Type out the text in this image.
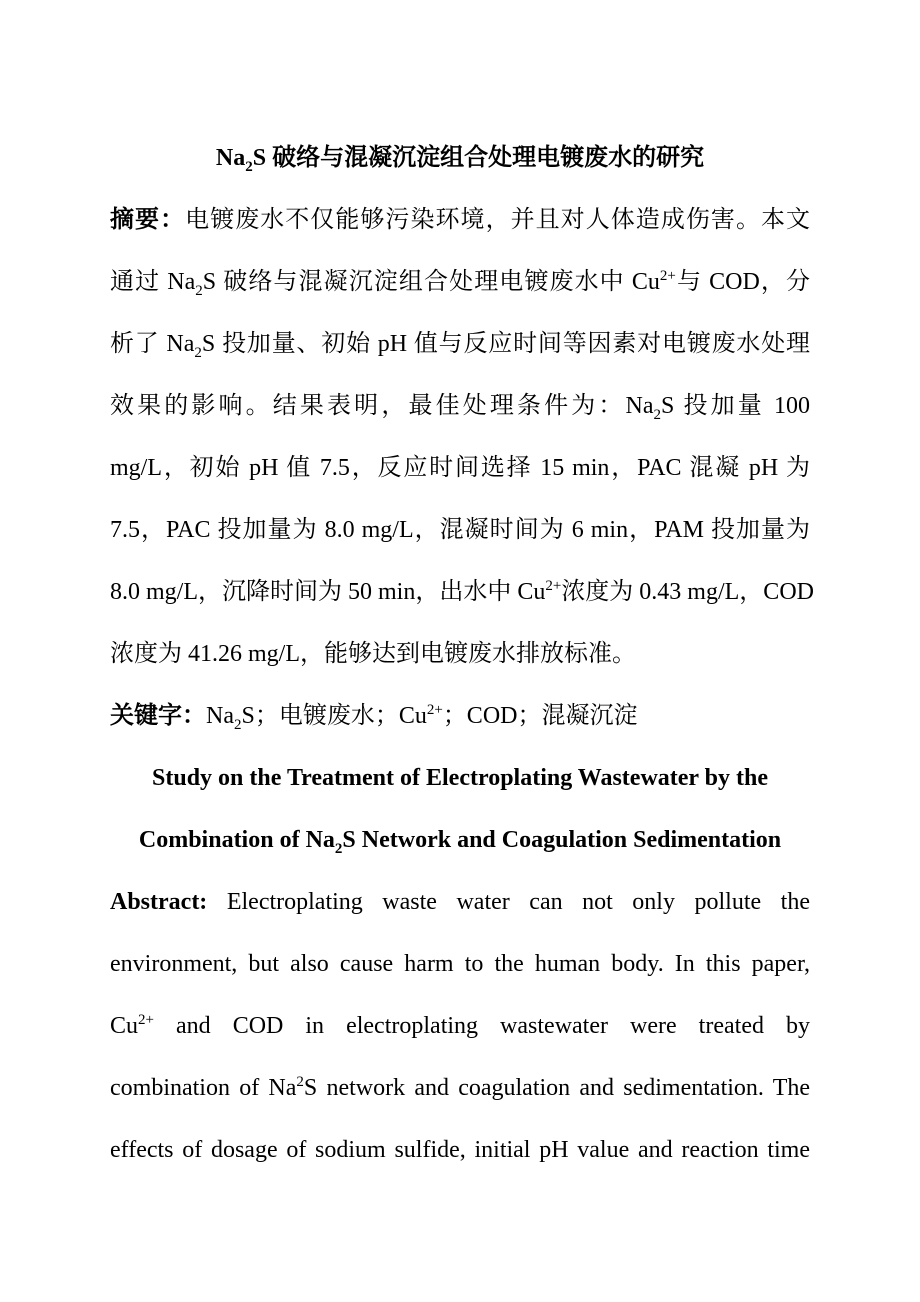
$Na_2S$ 破络与混凝沉淀组合处理电镀废水的研究
摘要：电镀废水不仅能够污染环境，并且对人体造成伤害。本文
通过 $Na_2S$ 破络与混凝沉淀组合处理电镀废水中 $Cu^{2+}$与 COD，分
析了 $Na_2S$ 投加量、初始 pH 值与反应时间等因素对电镀废水处理
效果的影响。结果表明，最佳处理条件为：$Na_2S$ 投加量 100
mg/L，初始 pH 值 7.5，反应时间选择 15 min，PAC 混凝 pH 为
7.5，PAC 投加量为 8.0 mg/L，混凝时间为 6 min，PAM 投加量为
8.0 mg/L，沉降时间为 50 min，出水中 $Cu^{2+}$浓度为 0.43 mg/L，COD
浓度为 41.26 mg/L，能够达到电镀废水排放标准。
关键字：$Na_2S$；电镀废水；$Cu^{2+}$；COD；混凝沉淀
Study on the Treatment of Electroplating Wastewater by the
Combination of $Na_2S$ Network and Coagulation Sedimentation
Abstract: Electroplating waste water can not only pollute the
environment, but also cause harm to the human body. In this paper,
$Cu^{2+}$ and COD in electroplating wastewater were treated by
combination of Na$^2$S network and coagulation and sedimentation. The
effects of dosage of sodium sulfide, initial pH value and reaction time
